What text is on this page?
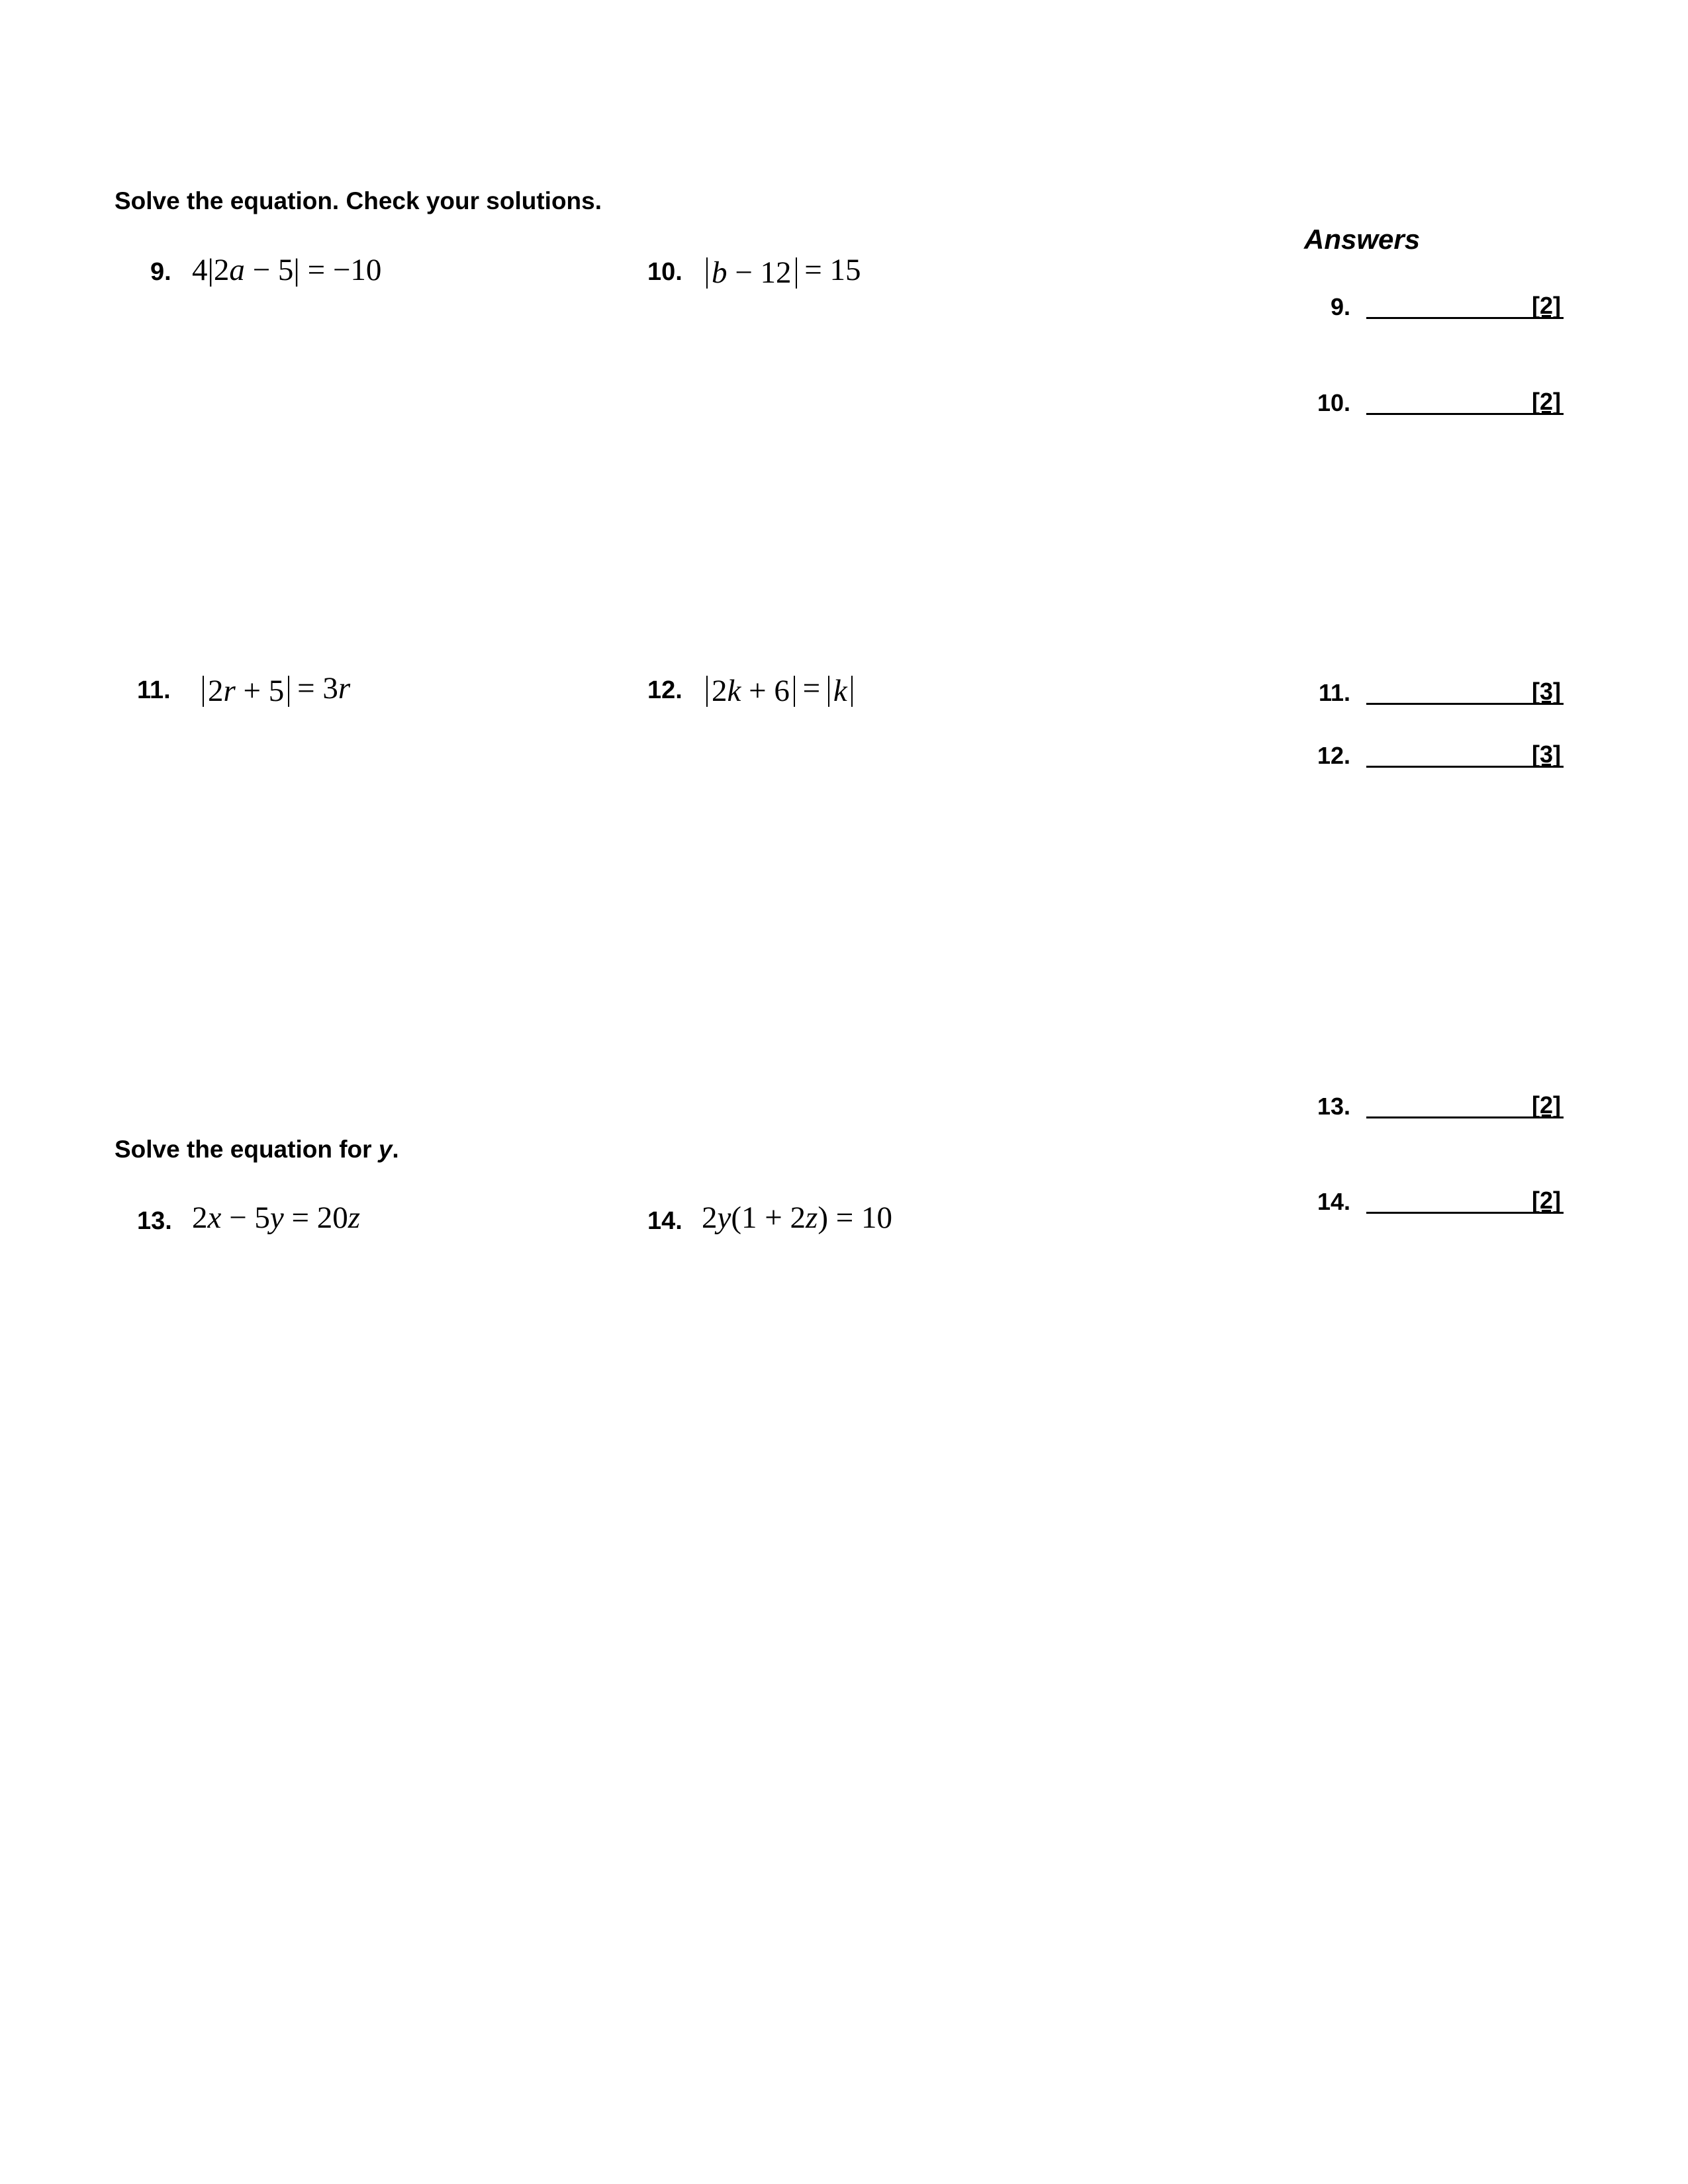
Solve the equation. Check your solutions.
Solve the equation for y.
9. 4|2a − 5| = −10	10. b − 12 = 15
11. 2r + 5 = 3r	12. 2k + 6 = k
13. 2x − 5y = 20z	14. 2y(1 + 2z) = 10
Answers
9.	[2]
10.	[2]
11.	[3]
12.	[3]
13.	[2]
14.	[2]
